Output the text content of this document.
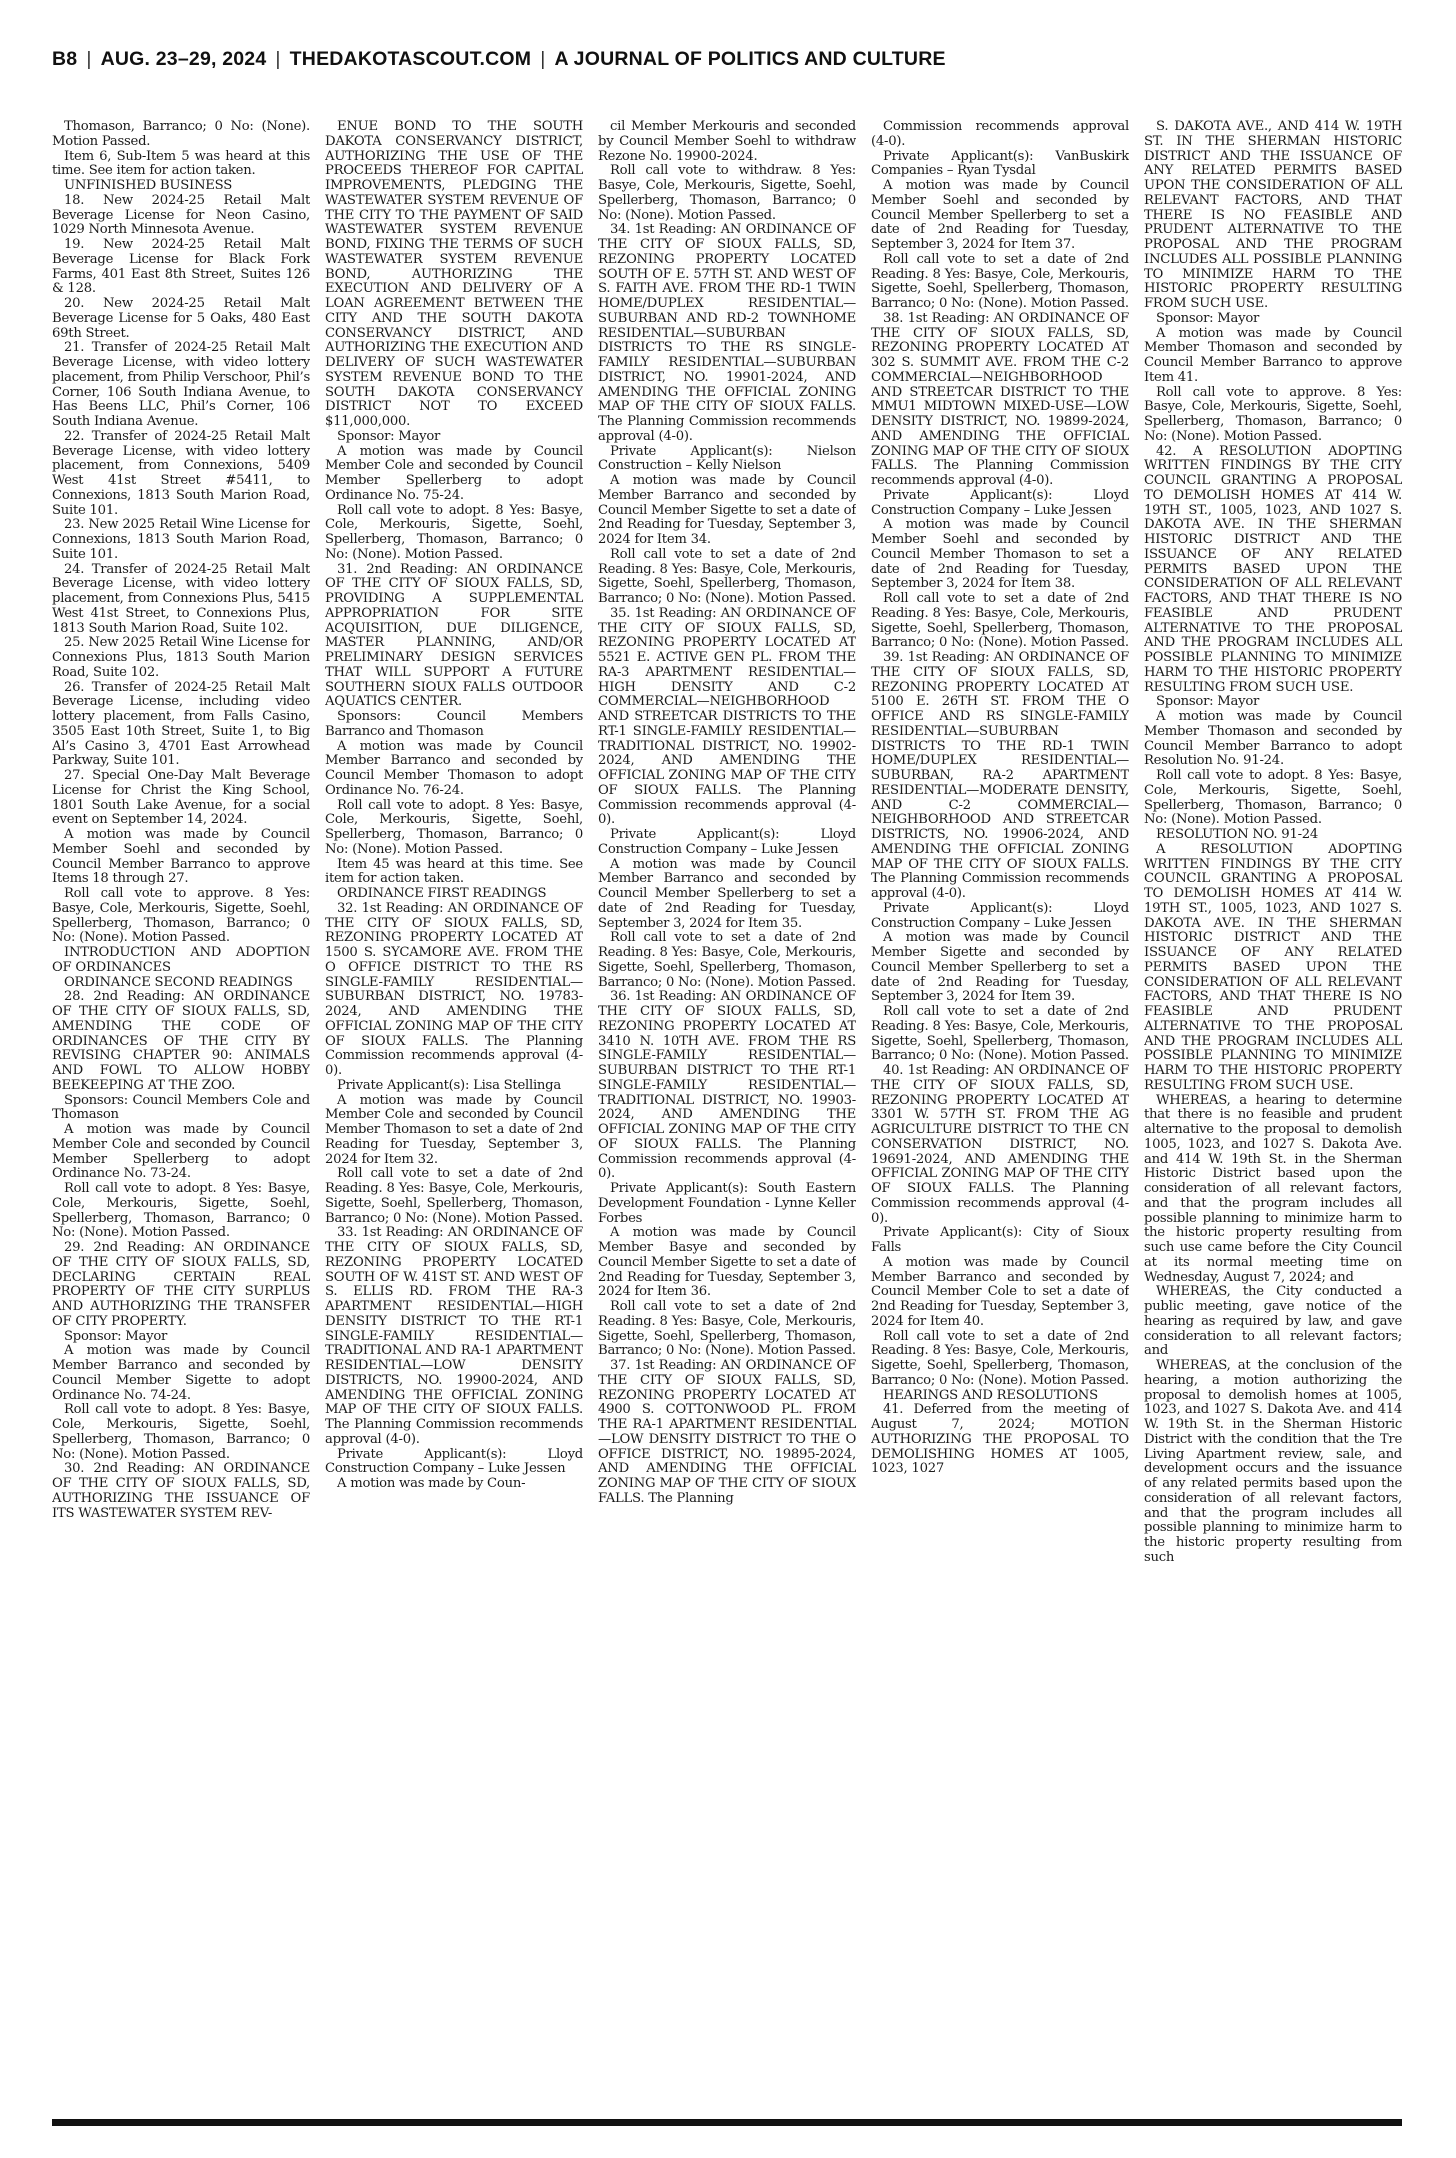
B8 | AUG. 23–29, 2024 | THEDAKOTASCOUT.COM | A JOURNAL OF POLITICS AND CULTURE

Thomason, Barranco; 0 No: (None). Motion Passed.

Item 6, Sub-Item 5 was heard at this time. See item for action taken.

UNFINISHED BUSINESS

18. New 2024-25 Retail Malt Beverage License for Neon Casino, 1029 North Minnesota Avenue.

19. New 2024-25 Retail Malt Beverage License for Black Fork Farms, 401 East 8th Street, Suites 126 & 128.

20. New 2024-25 Retail Malt Beverage License for 5 Oaks, 480 East 69th Street.

21. Transfer of 2024-25 Retail Malt Beverage License, with video lottery placement, from Philip Verschoor, Phil’s Corner, 106 South Indiana Avenue, to Has Beens LLC, Phil’s Corner, 106 South Indiana Avenue.

22. Transfer of 2024-25 Retail Malt Beverage License, with video lottery placement, from Connexions, 5409 West 41st Street #5411, to Connexions, 1813 South Marion Road, Suite 101.

23. New 2025 Retail Wine License for Connexions, 1813 South Marion Road, Suite 101.

24. Transfer of 2024-25 Retail Malt Beverage License, with video lottery placement, from Connexions Plus, 5415 West 41st Street, to Connexions Plus, 1813 South Marion Road, Suite 102.

25. New 2025 Retail Wine License for Connexions Plus, 1813 South Marion Road, Suite 102.

26. Transfer of 2024-25 Retail Malt Beverage License, including video lottery placement, from Falls Casino, 3505 East 10th Street, Suite 1, to Big Al’s Casino 3, 4701 East Arrowhead Parkway, Suite 101.

27. Special One-Day Malt Beverage License for Christ the King School, 1801 South Lake Avenue, for a social event on September 14, 2024.

A motion was made by Council Member Soehl and seconded by Council Member Barranco to approve Items 18 through 27.

Roll call vote to approve. 8 Yes: Basye, Cole, Merkouris, Sigette, Soehl, Spellerberg, Thomason, Barranco; 0 No: (None). Motion Passed.

INTRODUCTION AND ADOPTION OF ORDINANCES

ORDINANCE SECOND READINGS

28. 2nd Reading: AN ORDINANCE OF THE CITY OF SIOUX FALLS, SD, AMENDING THE CODE OF ORDINANCES OF THE CITY BY REVISING CHAPTER 90: ANIMALS AND FOWL TO ALLOW HOBBY BEEKEEPING AT THE ZOO.

Sponsors: Council Members Cole and Thomason

A motion was made by Council Member Cole and seconded by Council Member Spellerberg to adopt Ordinance No. 73-24.

Roll call vote to adopt. 8 Yes: Basye, Cole, Merkouris, Sigette, Soehl, Spellerberg, Thomason, Barranco; 0 No: (None). Motion Passed.

29. 2nd Reading: AN ORDINANCE OF THE CITY OF SIOUX FALLS, SD, DECLARING CERTAIN REAL PROPERTY OF THE CITY SURPLUS AND AUTHORIZING THE TRANSFER OF CITY PROPERTY.

Sponsor: Mayor

A motion was made by Council Member Barranco and seconded by Council Member Sigette to adopt Ordinance No. 74-24.

Roll call vote to adopt. 8 Yes: Basye, Cole, Merkouris, Sigette, Soehl, Spellerberg, Thomason, Barranco; 0 No: (None). Motion Passed.

30. 2nd Reading: AN ORDINANCE OF THE CITY OF SIOUX FALLS, SD, AUTHORIZING THE ISSUANCE OF ITS WASTEWATER SYSTEM REV-

ENUE BOND TO THE SOUTH DAKOTA CONSERVANCY DISTRICT, AUTHORIZING THE USE OF THE PROCEEDS THEREOF FOR CAPITAL IMPROVEMENTS, PLEDGING THE WASTEWATER SYSTEM REVENUE OF THE CITY TO THE PAYMENT OF SAID WASTEWATER SYSTEM REVENUE BOND, FIXING THE TERMS OF SUCH WASTEWATER SYSTEM REVENUE BOND, AUTHORIZING THE EXECUTION AND DELIVERY OF A LOAN AGREEMENT BETWEEN THE CITY AND THE SOUTH DAKOTA CONSERVANCY DISTRICT, AND AUTHORIZING THE EXECUTION AND DELIVERY OF SUCH WASTEWATER SYSTEM REVENUE BOND TO THE SOUTH DAKOTA CONSERVANCY DISTRICT NOT TO EXCEED $11,000,000.

Sponsor: Mayor

A motion was made by Council Member Cole and seconded by Council Member Spellerberg to adopt Ordinance No. 75-24.

Roll call vote to adopt. 8 Yes: Basye, Cole, Merkouris, Sigette, Soehl, Spellerberg, Thomason, Barranco; 0 No: (None). Motion Passed.

31. 2nd Reading: AN ORDINANCE OF THE CITY OF SIOUX FALLS, SD, PROVIDING A SUPPLEMENTAL APPROPRIATION FOR SITE ACQUISITION, DUE DILIGENCE, MASTER PLANNING, AND/OR PRELIMINARY DESIGN SERVICES THAT WILL SUPPORT A FUTURE SOUTHERN SIOUX FALLS OUTDOOR AQUATICS CENTER.

Sponsors: Council Members Barranco and Thomason

A motion was made by Council Member Barranco and seconded by Council Member Thomason to adopt Ordinance No. 76-24.

Roll call vote to adopt. 8 Yes: Basye, Cole, Merkouris, Sigette, Soehl, Spellerberg, Thomason, Barranco; 0 No: (None). Motion Passed.

Item 45 was heard at this time. See item for action taken.

ORDINANCE FIRST READINGS

32. 1st Reading: AN ORDINANCE OF THE CITY OF SIOUX FALLS, SD, REZONING PROPERTY LOCATED AT 1500 S. SYCAMORE AVE. FROM THE O OFFICE DISTRICT TO THE RS SINGLE-FAMILY RESIDENTIAL—SUBURBAN DISTRICT, NO. 19783-2024, AND AMENDING THE OFFICIAL ZONING MAP OF THE CITY OF SIOUX FALLS. The Planning Commission recommends approval (4-0).

Private Applicant(s): Lisa Stellinga

A motion was made by Council Member Cole and seconded by Council Member Thomason to set a date of 2nd Reading for Tuesday, September 3, 2024 for Item 32.

Roll call vote to set a date of 2nd Reading. 8 Yes: Basye, Cole, Merkouris, Sigette, Soehl, Spellerberg, Thomason, Barranco; 0 No: (None). Motion Passed.

33. 1st Reading: AN ORDINANCE OF THE CITY OF SIOUX FALLS, SD, REZONING PROPERTY LOCATED SOUTH OF W. 41ST ST. AND WEST OF S. ELLIS RD. FROM THE RA-3 APARTMENT RESIDENTIAL—HIGH DENSITY DISTRICT TO THE RT-1 SINGLE-FAMILY RESIDENTIAL—TRADITIONAL AND RA-1 APARTMENT RESIDENTIAL—LOW DENSITY DISTRICTS, NO. 19900-2024, AND AMENDING THE OFFICIAL ZONING MAP OF THE CITY OF SIOUX FALLS. The Planning Commission recommends approval (4-0).

Private Applicant(s): Lloyd Construction Company – Luke Jessen

A motion was made by Coun-

cil Member Merkouris and seconded by Council Member Soehl to withdraw Rezone No. 19900-2024.

Roll call vote to withdraw. 8 Yes: Basye, Cole, Merkouris, Sigette, Soehl, Spellerberg, Thomason, Barranco; 0 No: (None). Motion Passed.

34. 1st Reading: AN ORDINANCE OF THE CITY OF SIOUX FALLS, SD, REZONING PROPERTY LOCATED SOUTH OF E. 57TH ST. AND WEST OF S. FAITH AVE. FROM THE RD-1 TWIN HOME/DUPLEX RESIDENTIAL—SUBURBAN AND RD-2 TOWNHOME RESIDENTIAL—SUBURBAN DISTRICTS TO THE RS SINGLE-FAMILY RESIDENTIAL—SUBURBAN DISTRICT, NO. 19901-2024, AND AMENDING THE OFFICIAL ZONING MAP OF THE CITY OF SIOUX FALLS. The Planning Commission recommends approval (4-0).

Private Applicant(s): Nielson Construction – Kelly Nielson

A motion was made by Council Member Barranco and seconded by Council Member Sigette to set a date of 2nd Reading for Tuesday, September 3, 2024 for Item 34.

Roll call vote to set a date of 2nd Reading. 8 Yes: Basye, Cole, Merkouris, Sigette, Soehl, Spellerberg, Thomason, Barranco; 0 No: (None). Motion Passed.

35. 1st Reading: AN ORDINANCE OF THE CITY OF SIOUX FALLS, SD, REZONING PROPERTY LOCATED AT 5521 E. ACTIVE GEN PL. FROM THE RA-3 APARTMENT RESIDENTIAL—HIGH DENSITY AND C-2 COMMERCIAL—NEIGHBORHOOD AND STREETCAR DISTRICTS TO THE RT-1 SINGLE-FAMILY RESIDENTIAL—TRADITIONAL DISTRICT, NO. 19902-2024, AND AMENDING THE OFFICIAL ZONING MAP OF THE CITY OF SIOUX FALLS. The Planning Commission recommends approval (4-0).

Private Applicant(s): Lloyd Construction Company – Luke Jessen

A motion was made by Council Member Barranco and seconded by Council Member Spellerberg to set a date of 2nd Reading for Tuesday, September 3, 2024 for Item 35.

Roll call vote to set a date of 2nd Reading. 8 Yes: Basye, Cole, Merkouris, Sigette, Soehl, Spellerberg, Thomason, Barranco; 0 No: (None). Motion Passed.

36. 1st Reading: AN ORDINANCE OF THE CITY OF SIOUX FALLS, SD, REZONING PROPERTY LOCATED AT 3410 N. 10TH AVE. FROM THE RS SINGLE-FAMILY RESIDENTIAL—SUBURBAN DISTRICT TO THE RT-1 SINGLE-FAMILY RESIDENTIAL—TRADITIONAL DISTRICT, NO. 19903-2024, AND AMENDING THE OFFICIAL ZONING MAP OF THE CITY OF SIOUX FALLS. The Planning Commission recommends approval (4-0).

Private Applicant(s): South Eastern Development Foundation - Lynne Keller Forbes

A motion was made by Council Member Basye and seconded by Council Member Sigette to set a date of 2nd Reading for Tuesday, September 3, 2024 for Item 36.

Roll call vote to set a date of 2nd Reading. 8 Yes: Basye, Cole, Merkouris, Sigette, Soehl, Spellerberg, Thomason, Barranco; 0 No: (None). Motion Passed.

37. 1st Reading: AN ORDINANCE OF THE CITY OF SIOUX FALLS, SD, REZONING PROPERTY LOCATED AT 4900 S. COTTONWOOD PL. FROM THE RA-1 APARTMENT RESIDENTIAL—LOW DENSITY DISTRICT TO THE O OFFICE DISTRICT, NO. 19895-2024, AND AMENDING THE OFFICIAL ZONING MAP OF THE CITY OF SIOUX FALLS. The Planning

Commission recommends approval (4-0).

Private Applicant(s): VanBuskirk Companies – Ryan Tysdal

A motion was made by Council Member Soehl and seconded by Council Member Spellerberg to set a date of 2nd Reading for Tuesday, September 3, 2024 for Item 37.

Roll call vote to set a date of 2nd Reading. 8 Yes: Basye, Cole, Merkouris, Sigette, Soehl, Spellerberg, Thomason, Barranco; 0 No: (None). Motion Passed.

38. 1st Reading: AN ORDINANCE OF THE CITY OF SIOUX FALLS, SD, REZONING PROPERTY LOCATED AT 302 S. SUMMIT AVE. FROM THE C-2 COMMERCIAL—NEIGHBORHOOD AND STREETCAR DISTRICT TO THE MMU1 MIDTOWN MIXED-USE—LOW DENSITY DISTRICT, NO. 19899-2024, AND AMENDING THE OFFICIAL ZONING MAP OF THE CITY OF SIOUX FALLS. The Planning Commission recommends approval (4-0).

Private Applicant(s): Lloyd Construction Company – Luke Jessen

A motion was made by Council Member Soehl and seconded by Council Member Thomason to set a date of 2nd Reading for Tuesday, September 3, 2024 for Item 38.

Roll call vote to set a date of 2nd Reading. 8 Yes: Basye, Cole, Merkouris, Sigette, Soehl, Spellerberg, Thomason, Barranco; 0 No: (None). Motion Passed.

39. 1st Reading: AN ORDINANCE OF THE CITY OF SIOUX FALLS, SD, REZONING PROPERTY LOCATED AT 5100 E. 26TH ST. FROM THE O OFFICE AND RS SINGLE-FAMILY RESIDENTIAL—SUBURBAN DISTRICTS TO THE RD-1 TWIN HOME/DUPLEX RESIDENTIAL—SUBURBAN, RA-2 APARTMENT RESIDENTIAL—MODERATE DENSITY, AND C-2 COMMERCIAL—NEIGHBORHOOD AND STREETCAR DISTRICTS, NO. 19906-2024, AND AMENDING THE OFFICIAL ZONING MAP OF THE CITY OF SIOUX FALLS. The Planning Commission recommends approval (4-0).

Private Applicant(s): Lloyd Construction Company – Luke Jessen

A motion was made by Council Member Sigette and seconded by Council Member Spellerberg to set a date of 2nd Reading for Tuesday, September 3, 2024 for Item 39.

Roll call vote to set a date of 2nd Reading. 8 Yes: Basye, Cole, Merkouris, Sigette, Soehl, Spellerberg, Thomason, Barranco; 0 No: (None). Motion Passed.

40. 1st Reading: AN ORDINANCE OF THE CITY OF SIOUX FALLS, SD, REZONING PROPERTY LOCATED AT 3301 W. 57TH ST. FROM THE AG AGRICULTURE DISTRICT TO THE CN CONSERVATION DISTRICT, NO. 19691-2024, AND AMENDING THE OFFICIAL ZONING MAP OF THE CITY OF SIOUX FALLS. The Planning Commission recommends approval (4-0).

Private Applicant(s): City of Sioux Falls

A motion was made by Council Member Barranco and seconded by Council Member Cole to set a date of 2nd Reading for Tuesday, September 3, 2024 for Item 40.

Roll call vote to set a date of 2nd Reading. 8 Yes: Basye, Cole, Merkouris, Sigette, Soehl, Spellerberg, Thomason, Barranco; 0 No: (None). Motion Passed.

HEARINGS AND RESOLUTIONS

41. Deferred from the meeting of August 7, 2024; MOTION AUTHORIZING THE PROPOSAL TO DEMOLISHING HOMES AT 1005, 1023, 1027

S. DAKOTA AVE., AND 414 W. 19TH ST. IN THE SHERMAN HISTORIC DISTRICT AND THE ISSUANCE OF ANY RELATED PERMITS BASED UPON THE CONSIDERATION OF ALL RELEVANT FACTORS, AND THAT THERE IS NO FEASIBLE AND PRUDENT ALTERNATIVE TO THE PROPOSAL AND THE PROGRAM INCLUDES ALL POSSIBLE PLANNING TO MINIMIZE HARM TO THE HISTORIC PROPERTY RESULTING FROM SUCH USE.

Sponsor: Mayor

A motion was made by Council Member Thomason and seconded by Council Member Barranco to approve Item 41.

Roll call vote to approve. 8 Yes: Basye, Cole, Merkouris, Sigette, Soehl, Spellerberg, Thomason, Barranco; 0 No: (None). Motion Passed.

42. A RESOLUTION ADOPTING WRITTEN FINDINGS BY THE CITY COUNCIL GRANTING A PROPOSAL TO DEMOLISH HOMES AT 414 W. 19TH ST., 1005, 1023, AND 1027 S. DAKOTA AVE. IN THE SHERMAN HISTORIC DISTRICT AND THE ISSUANCE OF ANY RELATED PERMITS BASED UPON THE CONSIDERATION OF ALL RELEVANT FACTORS, AND THAT THERE IS NO FEASIBLE AND PRUDENT ALTERNATIVE TO THE PROPOSAL AND THE PROGRAM INCLUDES ALL POSSIBLE PLANNING TO MINIMIZE HARM TO THE HISTORIC PROPERTY RESULTING FROM SUCH USE.

Sponsor: Mayor

A motion was made by Council Member Thomason and seconded by Council Member Barranco to adopt Resolution No. 91-24.

Roll call vote to adopt. 8 Yes: Basye, Cole, Merkouris, Sigette, Soehl, Spellerberg, Thomason, Barranco; 0 No: (None). Motion Passed.

RESOLUTION NO. 91-24

A RESOLUTION ADOPTING WRITTEN FINDINGS BY THE CITY COUNCIL GRANTING A PROPOSAL TO DEMOLISH HOMES AT 414 W. 19TH ST., 1005, 1023, AND 1027 S. DAKOTA AVE. IN THE SHERMAN HISTORIC DISTRICT AND THE ISSUANCE OF ANY RELATED PERMITS BASED UPON THE CONSIDERATION OF ALL RELEVANT FACTORS, AND THAT THERE IS NO FEASIBLE AND PRUDENT ALTERNATIVE TO THE PROPOSAL AND THE PROGRAM INCLUDES ALL POSSIBLE PLANNING TO MINIMIZE HARM TO THE HISTORIC PROPERTY RESULTING FROM SUCH USE.

WHEREAS, a hearing to determine that there is no feasible and prudent alternative to the proposal to demolish 1005, 1023, and 1027 S. Dakota Ave. and 414 W. 19th St. in the Sherman Historic District based upon the consideration of all relevant factors, and that the program includes all possible planning to minimize harm to the historic property resulting from such use came before the City Council at its normal meeting time on Wednesday, August 7, 2024; and

WHEREAS, the City conducted a public meeting, gave notice of the hearing as required by law, and gave consideration to all relevant factors; and

WHEREAS, at the conclusion of the hearing, a motion authorizing the proposal to demolish homes at 1005, 1023, and 1027 S. Dakota Ave. and 414 W. 19th St. in the Sherman Historic District with the condition that the Tre Living Apartment review, sale, and development occurs and the issuance of any related permits based upon the consideration of all relevant factors, and that the program includes all possible planning to minimize harm to the historic property resulting from such
